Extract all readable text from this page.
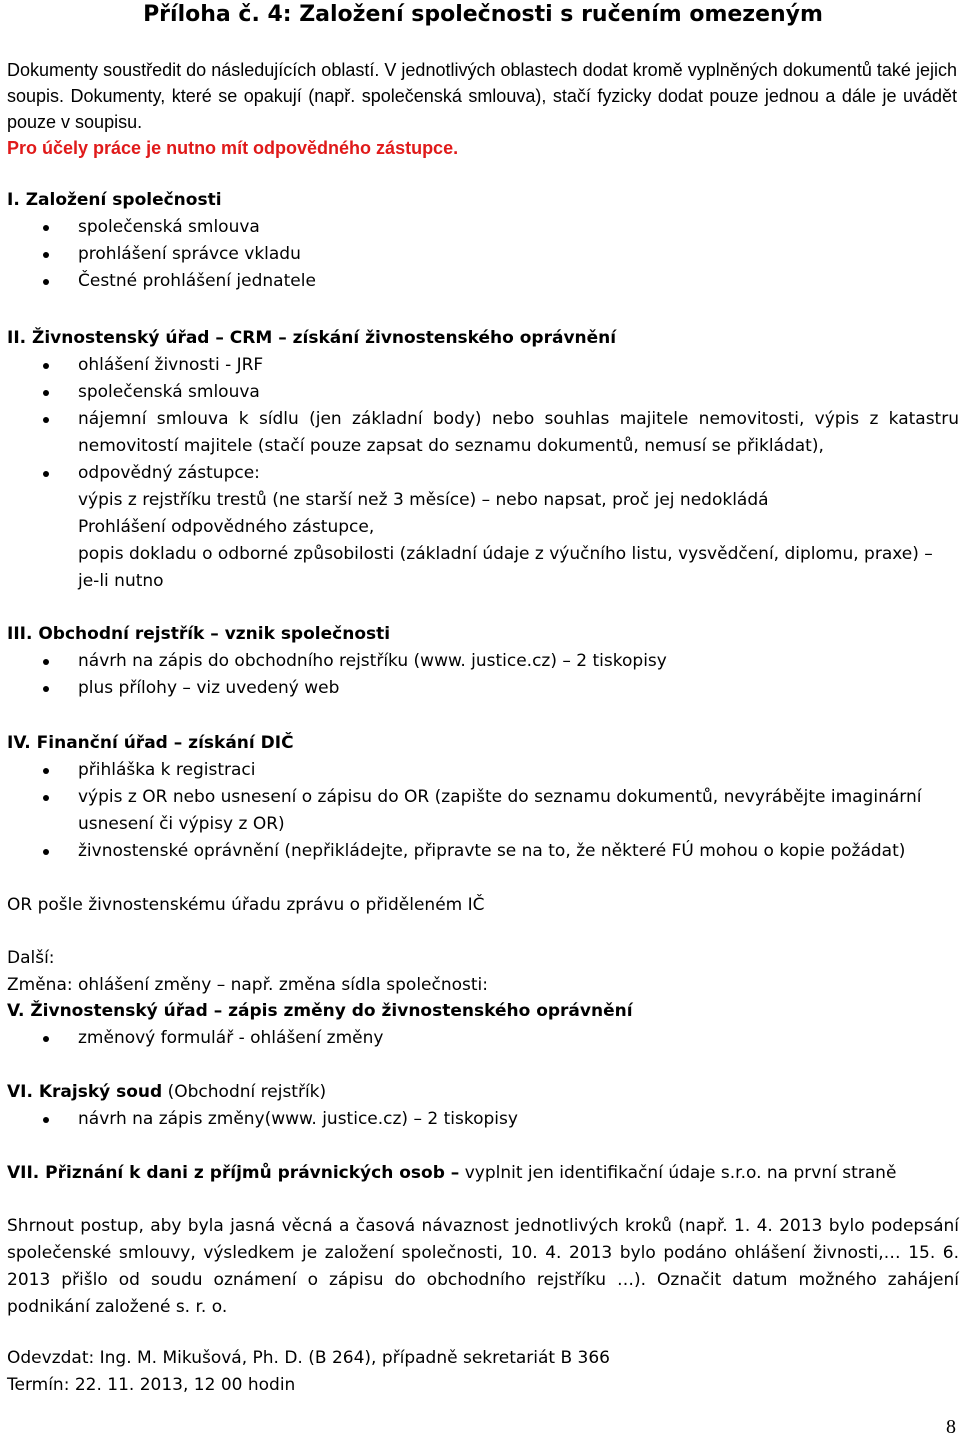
Příloha č. 4: Založení společnosti s ručením omezeným

Dokumenty soustředit do následujících oblastí. V jednotlivých oblastech dodat kromě vyplněných dokumentů také jejich soupis. Dokumenty, které se opakují (např. společenská smlouva), stačí fyzicky dodat pouze jednou a dále je uvádět pouze v soupisu.

Pro účely práce je nutno mít odpovědného zástupce.

I. Založení společnosti
společenská smlouva
prohlášení správce vkladu
Čestné prohlášení jednatele
II. Živnostenský úřad – CRM – získání živnostenského oprávnění
ohlášení živnosti - JRF
společenská smlouva
nájemní smlouva k sídlu (jen základní body) nebo souhlas majitele nemovitosti, výpis z katastru nemovitostí majitele (stačí pouze zapsat do seznamu dokumentů, nemusí se přikládat),
odpovědný zástupce:
výpis z rejstříku trestů (ne starší než 3 měsíce) – nebo napsat, proč jej nedokládá
Prohlášení odpovědného zástupce,
popis dokladu o odborné způsobilosti (základní údaje z výučního listu, vysvědčení, diplomu, praxe) – je-li nutno
III. Obchodní rejstřík – vznik společnosti
návrh na zápis do obchodního rejstříku (www. justice.cz) – 2 tiskopisy
plus přílohy – viz uvedený web
IV. Finanční úřad – získání DIČ
přihláška k registraci
výpis z OR nebo usnesení o zápisu do OR (zapište do seznamu dokumentů, nevyrábějte imaginární usnesení či výpisy z OR)
živnostenské oprávnění (nepřikládejte, připravte se na to, že některé FÚ mohou o kopie požádat)
OR pošle živnostenskému úřadu zprávu o přiděleném IČ
Další:
Změna: ohlášení změny – např. změna sídla společnosti:
V. Živnostenský úřad – zápis změny do živnostenského oprávnění
změnový formulář - ohlášení změny
VI. Krajský soud (Obchodní rejstřík)
návrh na zápis změny(www. justice.cz) – 2 tiskopisy
VII. Přiznání k dani z příjmů právnických osob – vyplnit jen identifikační údaje s.r.o. na první straně
Shrnout postup, aby byla jasná věcná a časová návaznost jednotlivých kroků (např. 1. 4. 2013 bylo podepsání společenské smlouvy, výsledkem je založení společnosti, 10. 4. 2013 bylo podáno ohlášení živnosti,… 15. 6. 2013 přišlo od soudu oznámení o zápisu do obchodního rejstříku …). Označit datum možného zahájení podnikání založené s. r. o.
Odevzdat: Ing. M. Mikušová, Ph. D. (B 264), případně sekretariát B 366
Termín: 22. 11. 2013, 12 00 hodin
8
